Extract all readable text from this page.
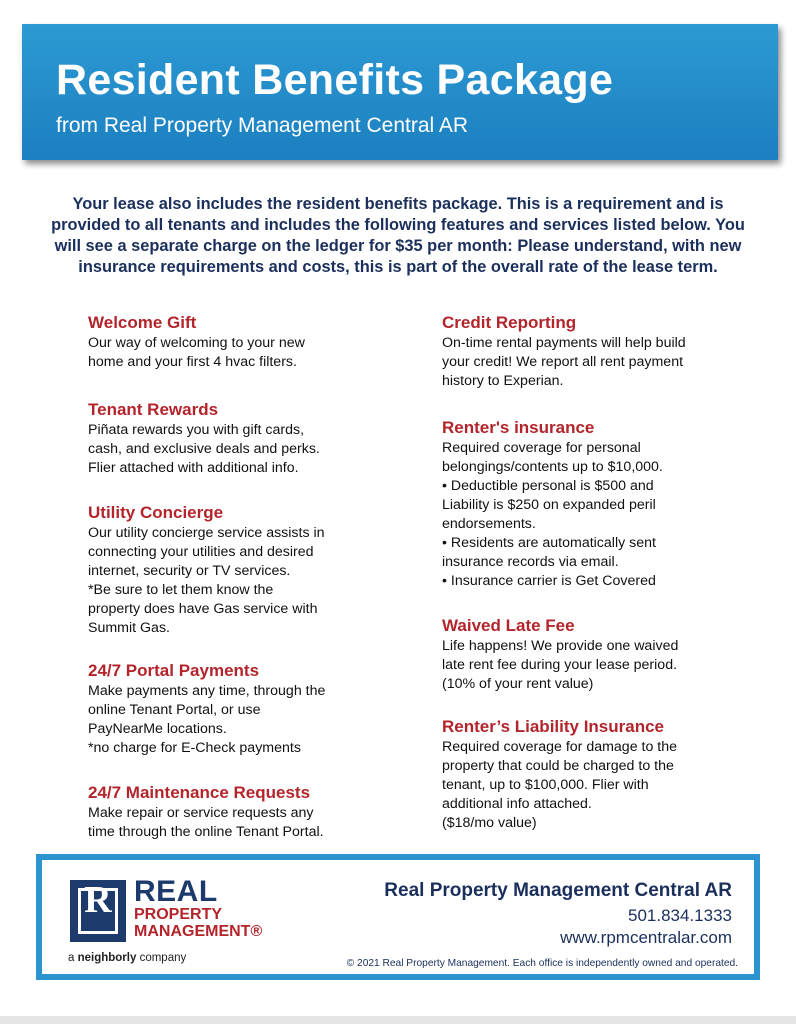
Resident Benefits Package
from Real Property Management Central AR

Your lease also includes the resident benefits package. This is a requirement and is provided to all tenants and includes the following features and services listed below. You will see a separate charge on the ledger for $35 per month: Please understand, with new insurance requirements and costs, this is part of the overall rate of the lease term.

Welcome Gift

Our way of welcoming to your new
home and your first 4 hvac filters.

Tenant Rewards

Piñata rewards you with gift cards,
cash, and exclusive deals and perks.
Flier attached with additional info.

Utility Concierge

Our utility concierge service assists in
connecting your utilities and desired
internet, security or TV services.
*Be sure to let them know the
property does have Gas service with
Summit Gas.

24/7 Portal Payments

Make payments any time, through the
online Tenant Portal, or use
PayNearMe locations.
*no charge for E-Check payments

24/7 Maintenance Requests

Make repair or service requests any
time through the online Tenant Portal.

Credit Reporting

On-time rental payments will help build
your credit! We report all rent payment
history to Experian.

Renter's insurance

Required coverage for personal
belongings/contents up to $10,000.
• Deductible personal is $500 and
Liability is $250 on expanded peril
endorsements.
• Residents are automatically sent
insurance records via email.
• Insurance carrier is Get Covered

Waived Late Fee

Life happens! We provide one waived
late rent fee during your lease period.
(10% of your rent value)

Renter’s Liability Insurance

Required coverage for damage to the
property that could be charged to the
tenant, up to $100,000. Flier with
additional info attached.
($18/mo value)

R REAL
PROPERTY
MANAGEMENT®
a neighborly company
Real Property Management Central AR
501.834.1333
www.rpmcentralar.com
© 2021 Real Property Management. Each office is independently owned and operated.
